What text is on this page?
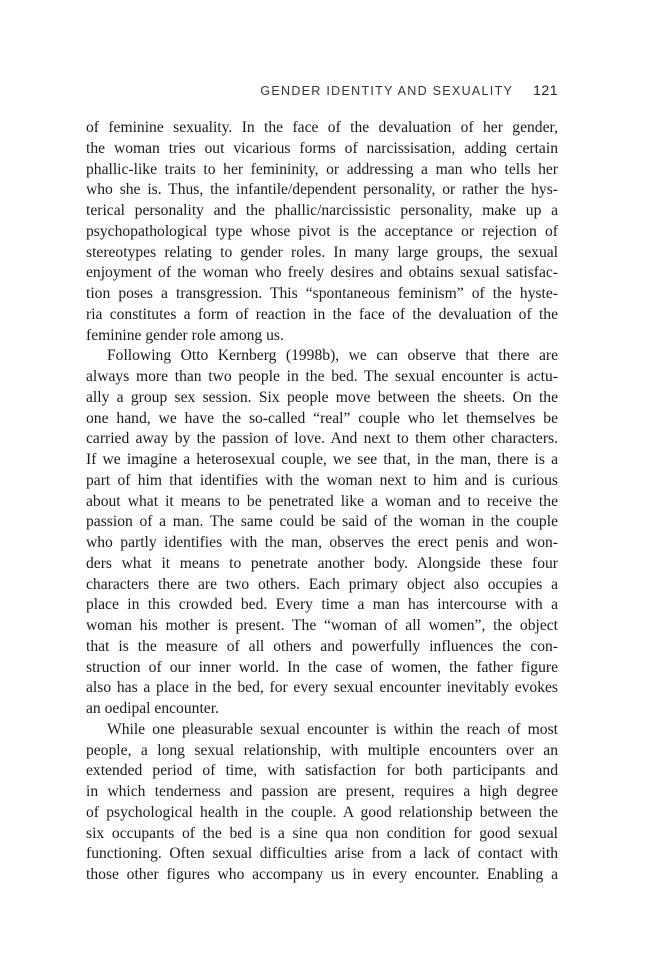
GENDER IDENTITY AND SEXUALITY 121

of feminine sexuality. In the face of the devaluation of her gender,
the woman tries out vicarious forms of narcissisation, adding certain
phallic-like traits to her femininity, or addressing a man who tells her
who she is. Thus, the infantile/dependent personality, or rather the hys-
terical personality and the phallic/narcissistic personality, make up a
psychopathological type whose pivot is the acceptance or rejection of
stereotypes relating to gender roles. In many large groups, the sexual
enjoyment of the woman who freely desires and obtains sexual satisfac-
tion poses a transgression. This “spontaneous feminism” of the hyste-
ria constitutes a form of reaction in the face of the devaluation of the
feminine gender role among us.

Following Otto Kernberg (1998b), we can observe that there are
always more than two people in the bed. The sexual encounter is actu-
ally a group sex session. Six people move between the sheets. On the
one hand, we have the so-called “real” couple who let themselves be
carried away by the passion of love. And next to them other characters.
If we imagine a heterosexual couple, we see that, in the man, there is a
part of him that identifies with the woman next to him and is curious
about what it means to be penetrated like a woman and to receive the
passion of a man. The same could be said of the woman in the couple
who partly identifies with the man, observes the erect penis and won-
ders what it means to penetrate another body. Alongside these four
characters there are two others. Each primary object also occupies a
place in this crowded bed. Every time a man has intercourse with a
woman his mother is present. The “woman of all women”, the object
that is the measure of all others and powerfully influences the con-
struction of our inner world. In the case of women, the father figure
also has a place in the bed, for every sexual encounter inevitably evokes
an oedipal encounter.

While one pleasurable sexual encounter is within the reach of most
people, a long sexual relationship, with multiple encounters over an
extended period of time, with satisfaction for both participants and
in which tenderness and passion are present, requires a high degree
of psychological health in the couple. A good relationship between the
six occupants of the bed is a sine qua non condition for good sexual
functioning. Often sexual difficulties arise from a lack of contact with
those other figures who accompany us in every encounter. Enabling a
